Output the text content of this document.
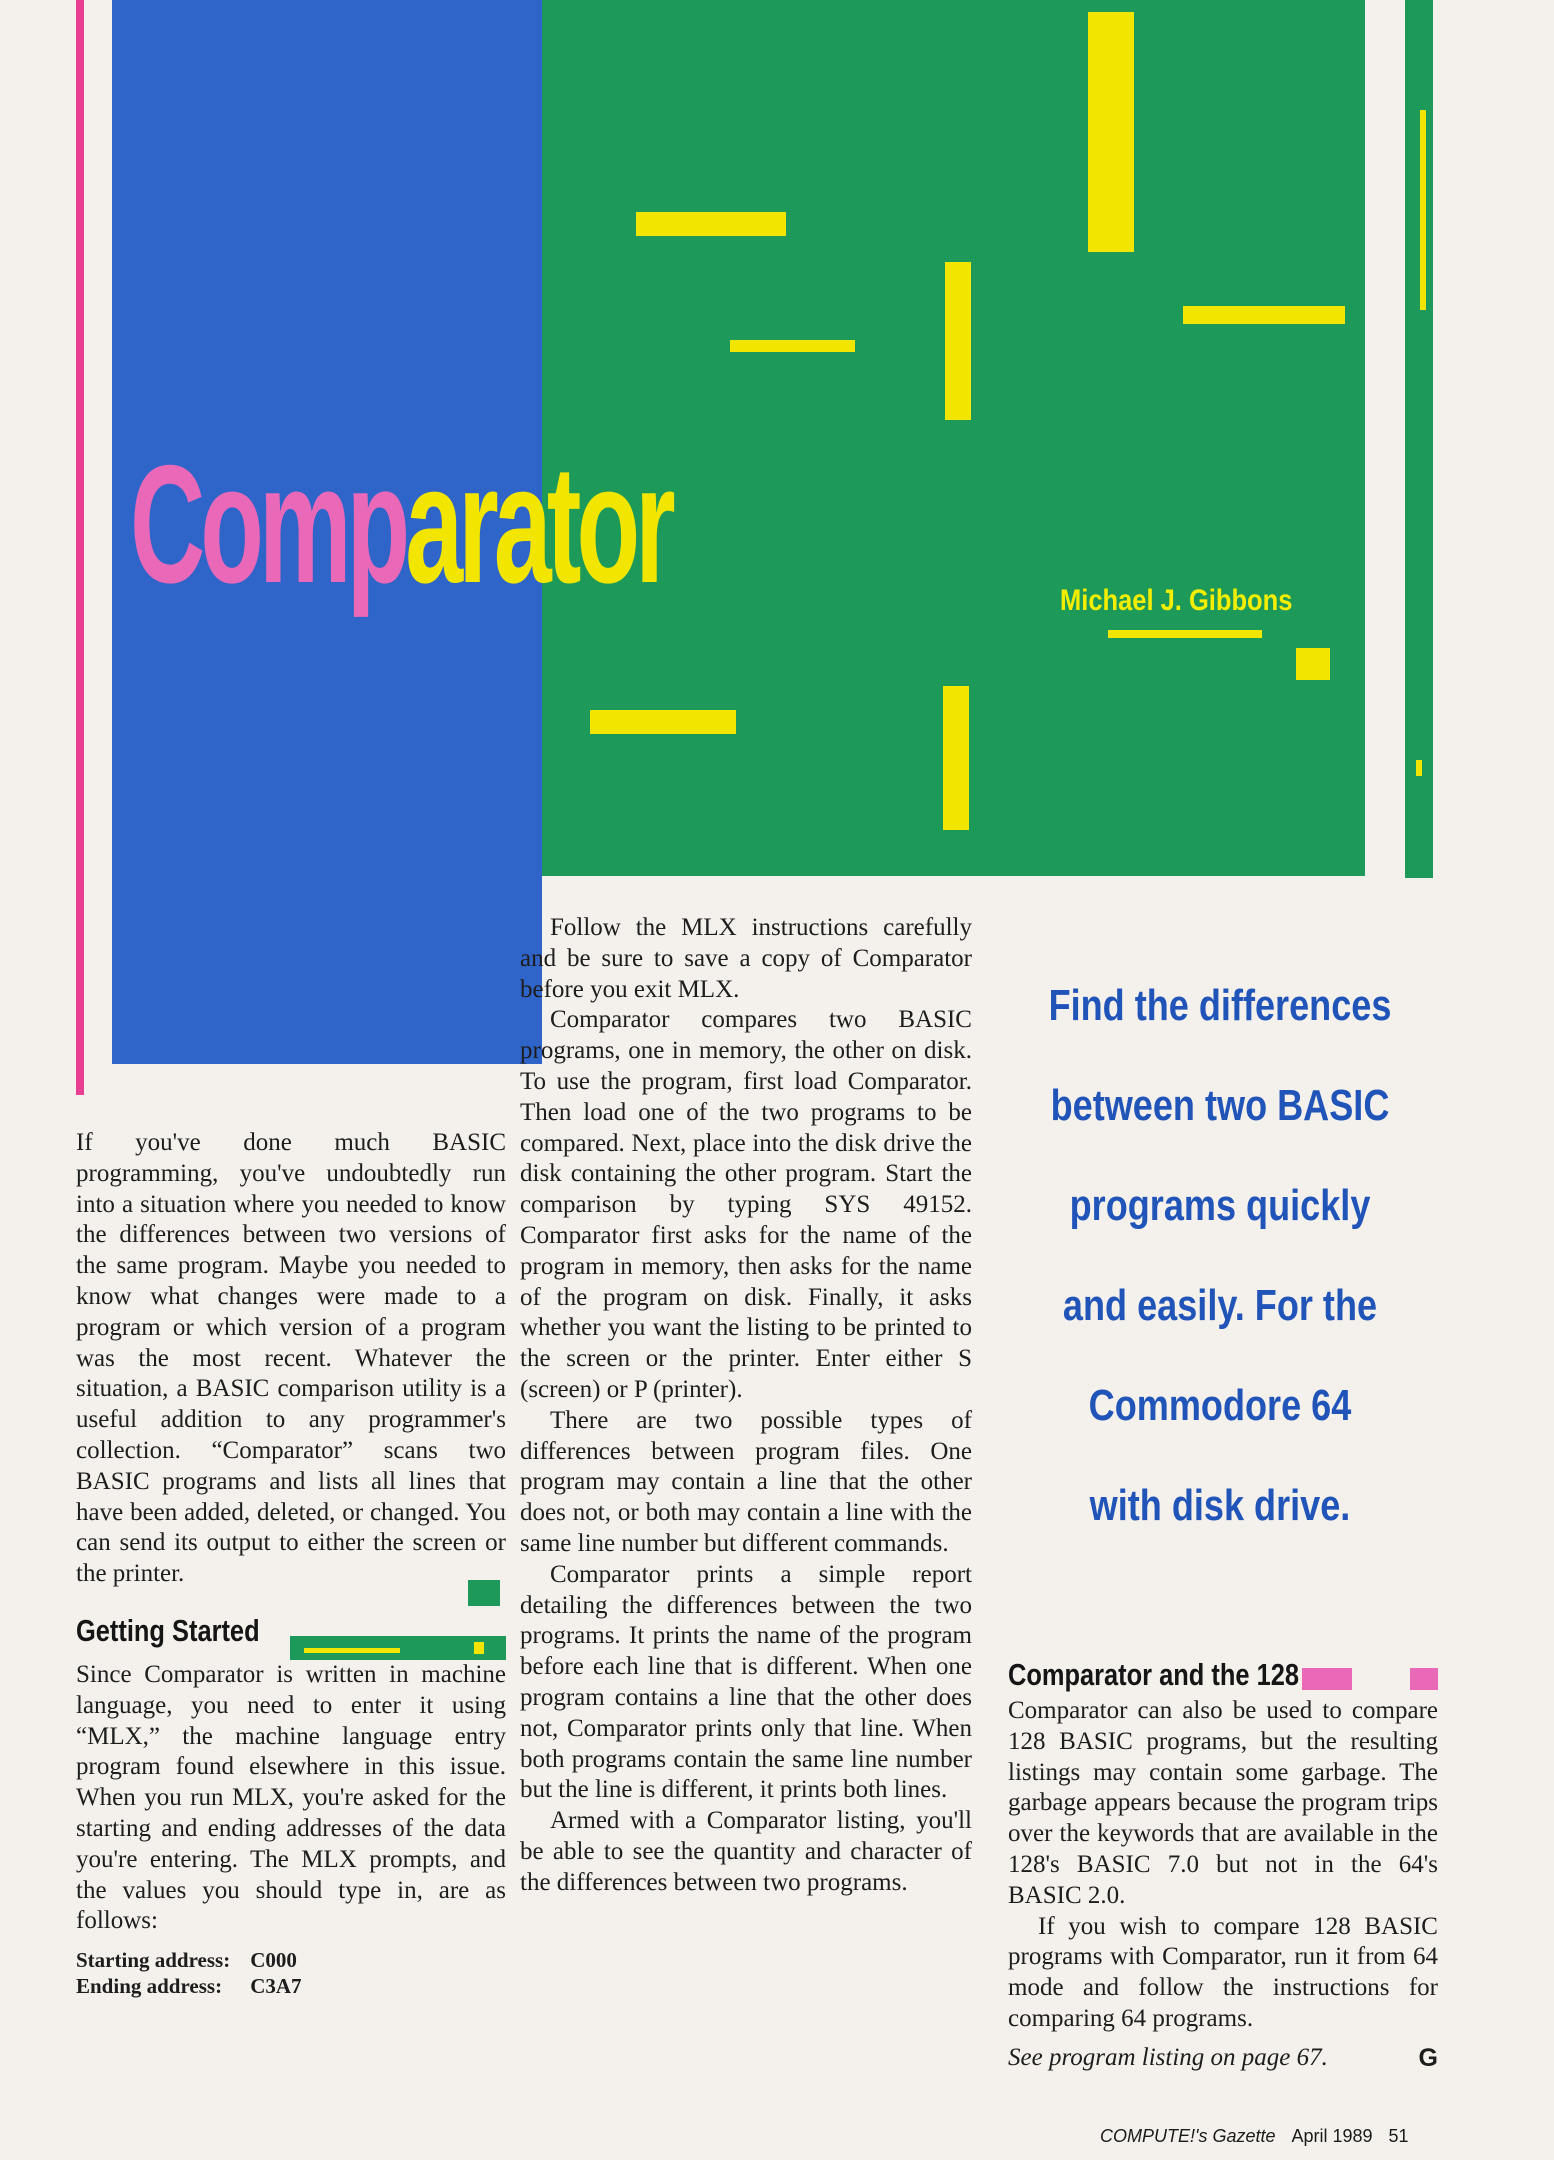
Comparator	Michael J. Gibbons

If you've done much BASIC programming, you've undoubtedly run into a situation where you needed to know the differences between two versions of the same program. Maybe you needed to know what changes were made to a program or which version of a program was the most recent. Whatever the situation, a BASIC comparison utility is a useful addition to any programmer's collection. “Comparator” scans two BASIC programs and lists all lines that have been added, deleted, or changed. You can send its output to either the screen or the printer.

Getting Started

Since Comparator is written in machine language, you need to enter it using “MLX,” the machine language entry program found elsewhere in this issue. When you run MLX, you're asked for the starting and ending addresses of the data you're entering. The MLX prompts, and the values you should type in, are as follows:

Starting address:	C000
Ending address:	C3A7

Follow the MLX instructions carefully and be sure to save a copy of Comparator before you exit MLX.

Comparator compares two BASIC programs, one in memory, the other on disk. To use the program, first load Comparator. Then load one of the two programs to be compared. Next, place into the disk drive the disk containing the other program. Start the comparison by typing SYS 49152. Comparator first asks for the name of the program in memory, then asks for the name of the program on disk. Finally, it asks whether you want the listing to be printed to the screen or the printer. Enter either S (screen) or P (printer).

There are two possible types of differences between program files. One program may contain a line that the other does not, or both may contain a line with the same line number but different commands.

Comparator prints a simple report detailing the differences between the two programs. It prints the name of the program before each line that is different. When one program contains a line that the other does not, Comparator prints only that line. When both programs contain the same line number but the line is different, it prints both lines.

Armed with a Comparator listing, you'll be able to see the quantity and character of the differences between two programs.

Find the differences
between two BASIC
programs quickly
and easily. For the
Commodore 64
with disk drive.
Comparator and the 128

Comparator can also be used to compare 128 BASIC programs, but the resulting listings may contain some garbage. The garbage appears because the program trips over the keywords that are available in the 128's BASIC 7.0 but not in the 64's BASIC 2.0.

If you wish to compare 128 BASIC programs with Comparator, run it from 64 mode and follow the instructions for comparing 64 programs.

See program listing on page 67.	G

COMPUTE!'s Gazette April 1989 51
